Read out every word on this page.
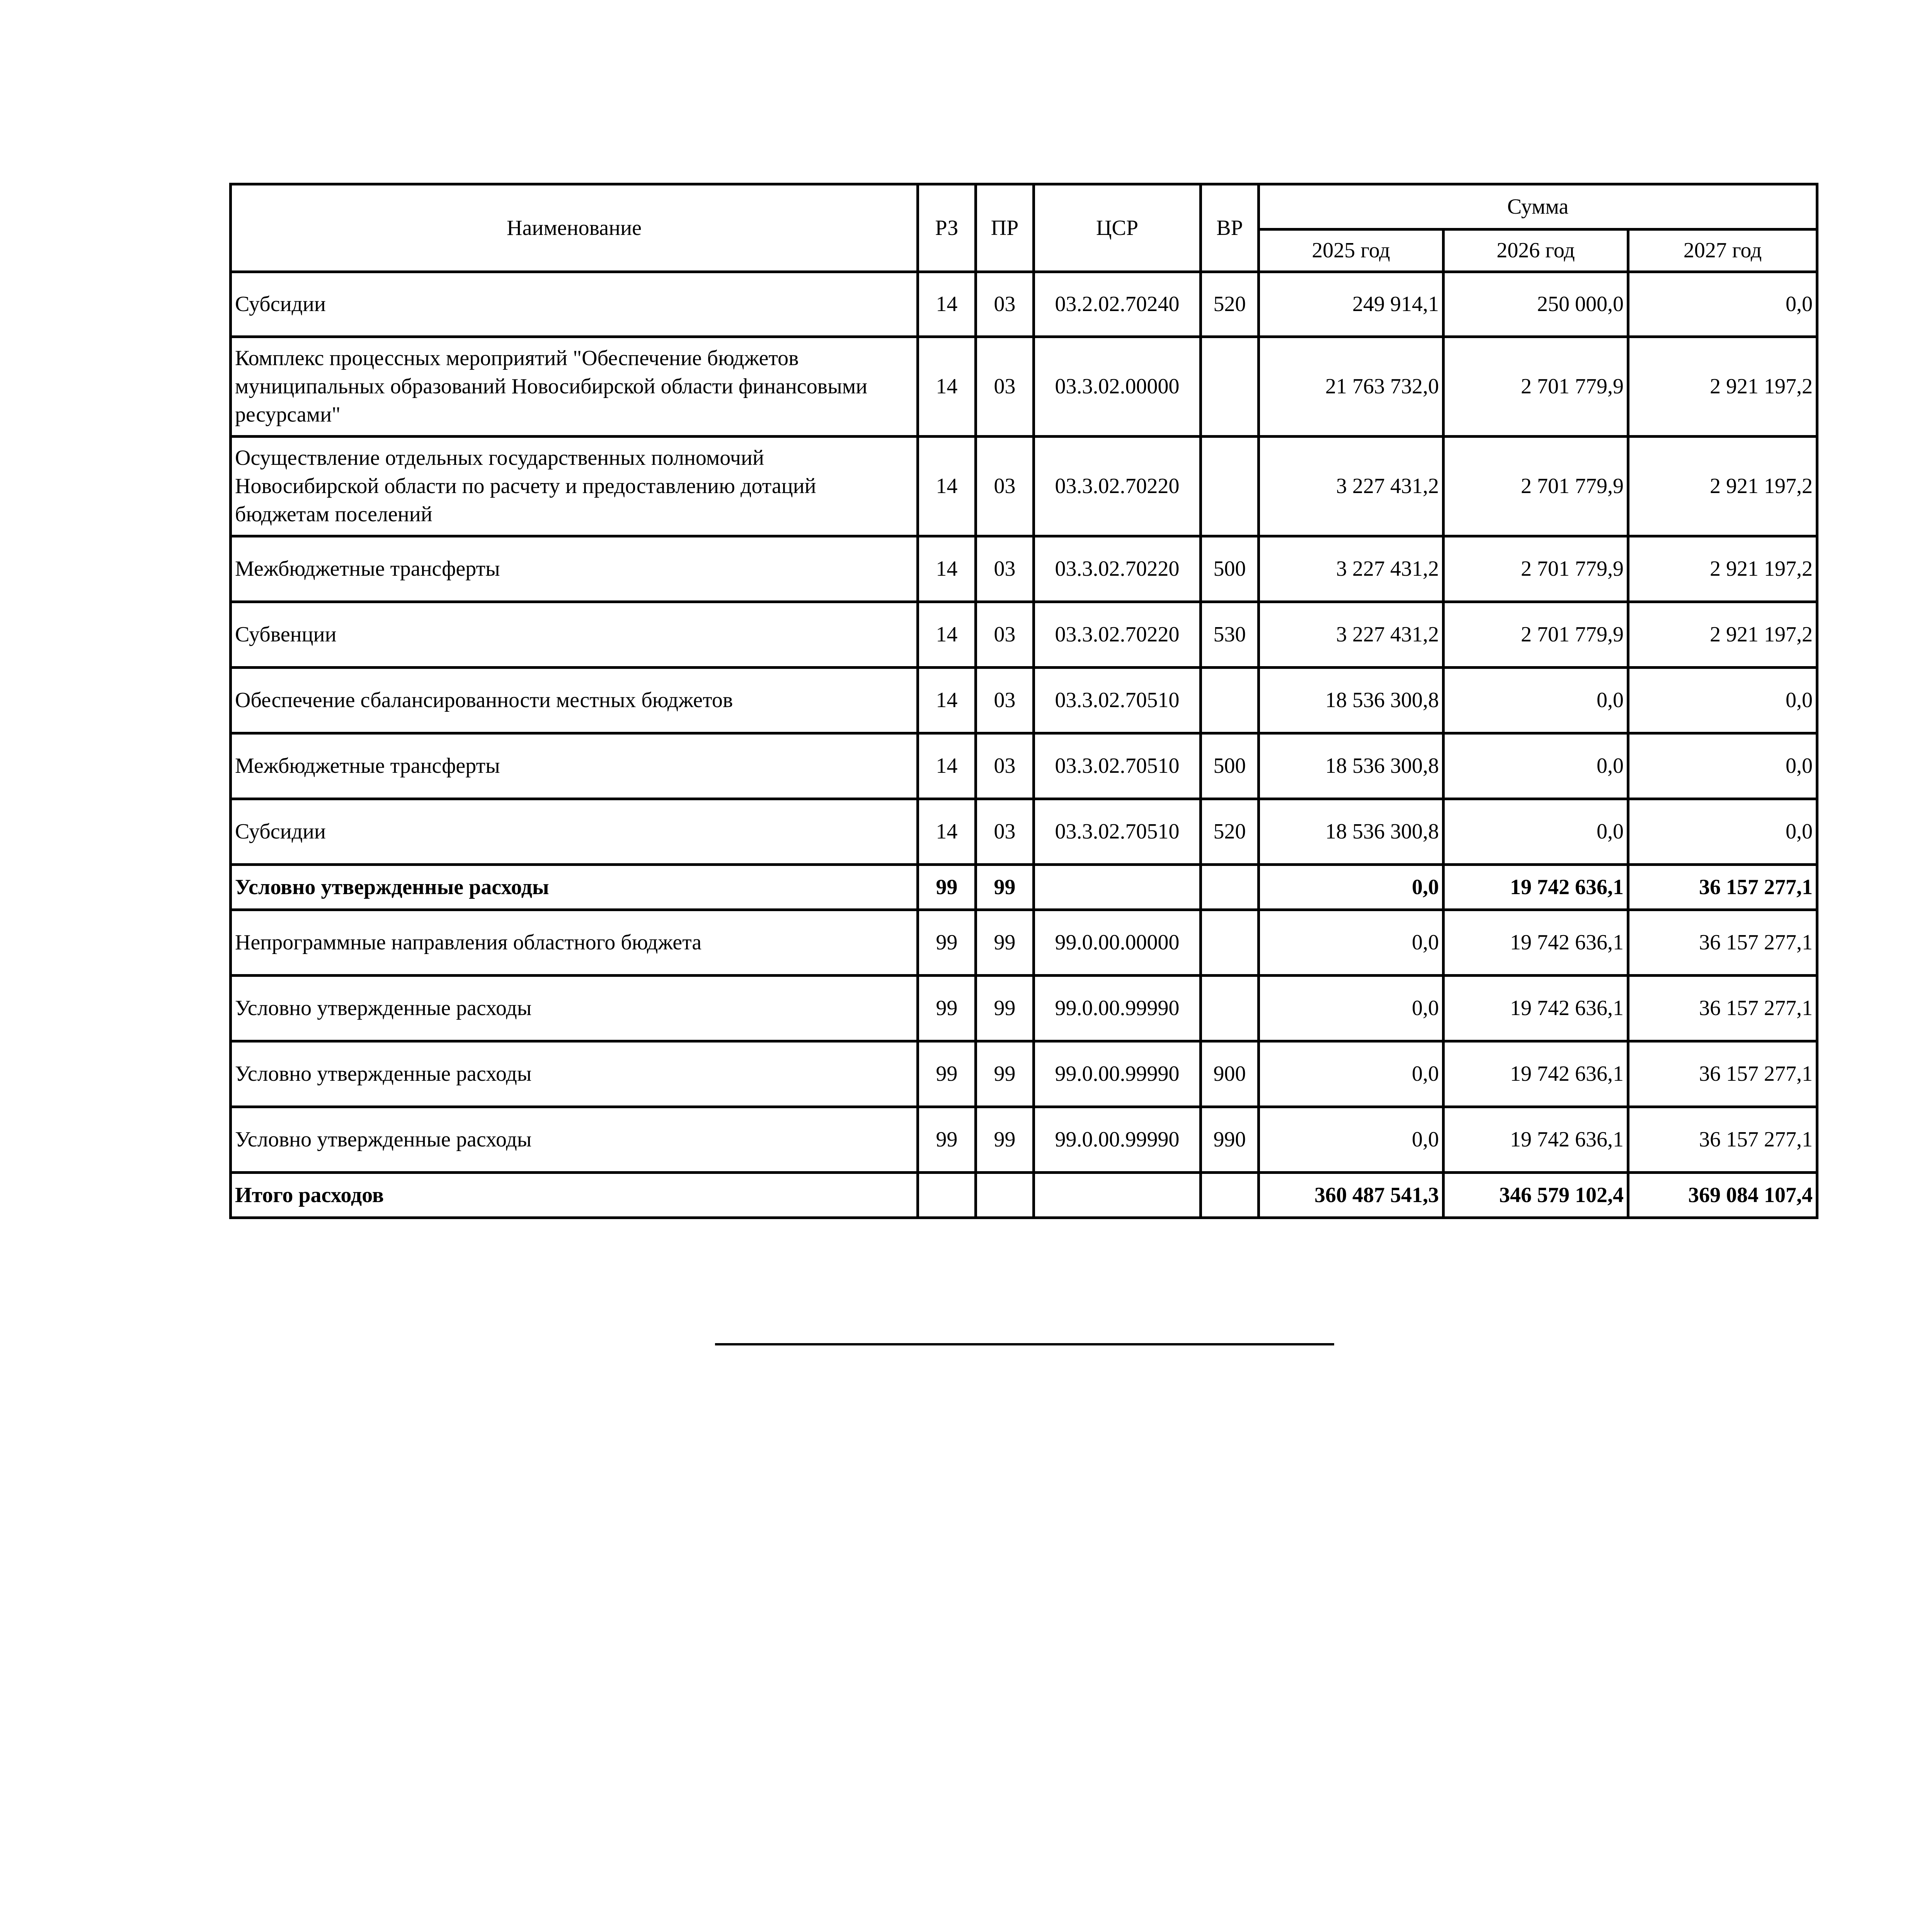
Наименование	РЗ	ПР	ЦСР	ВР	Сумма		
					2025 год	2026 год	2027 год
Субсидии	14	03	03.2.02.70240	520	249 914,1	250 000,0	0,0
Комплекс процессных мероприятий "Обеспечение бюджетов муниципальных образований Новосибирской области финансовыми ресурсами"	14	03	03.3.02.00000		21 763 732,0	2 701 779,9	2 921 197,2
Осуществление отдельных государственных полномочий Новосибирской области по расчету и предоставлению дотаций бюджетам поселений	14	03	03.3.02.70220		3 227 431,2	2 701 779,9	2 921 197,2
Межбюджетные трансферты	14	03	03.3.02.70220	500	3 227 431,2	2 701 779,9	2 921 197,2
Субвенции	14	03	03.3.02.70220	530	3 227 431,2	2 701 779,9	2 921 197,2
Обеспечение сбалансированности местных бюджетов	14	03	03.3.02.70510		18 536 300,8	0,0	0,0
Межбюджетные трансферты	14	03	03.3.02.70510	500	18 536 300,8	0,0	0,0
Субсидии	14	03	03.3.02.70510	520	18 536 300,8	0,0	0,0
Условно утвержденные расходы	99	99			0,0	19 742 636,1	36 157 277,1
Непрограммные направления областного бюджета	99	99	99.0.00.00000		0,0	19 742 636,1	36 157 277,1
Условно утвержденные расходы	99	99	99.0.00.99990		0,0	19 742 636,1	36 157 277,1
Условно утвержденные расходы	99	99	99.0.00.99990	900	0,0	19 742 636,1	36 157 277,1
Условно утвержденные расходы	99	99	99.0.00.99990	990	0,0	19 742 636,1	36 157 277,1
Итого расходов					360 487 541,3	346 579 102,4	369 084 107,4
